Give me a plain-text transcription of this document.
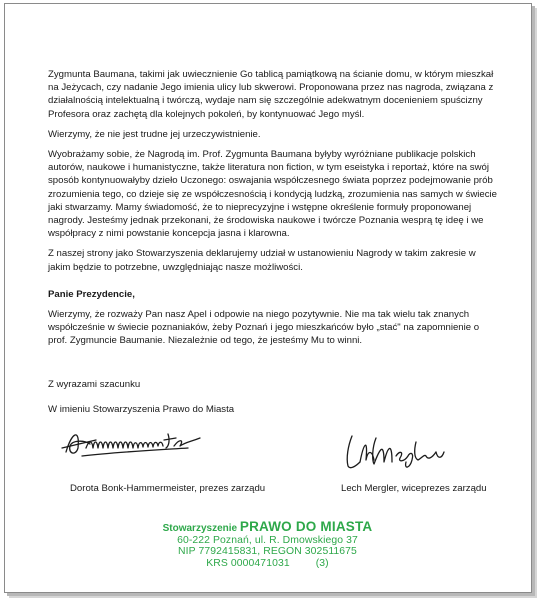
Zygmunta Baumana, takimi jak uwiecznienie Go tablicą pamiątkową na ścianie domu, w którym mieszkał na Jeżycach, czy nadanie Jego imienia ulicy lub skwerowi. Proponowana przez nas nagroda, związana z działalnością intelektualną i twórczą, wydaje nam się szczególnie adekwatnym docenieniem spuścizny Profesora oraz zachętą dla kolejnych pokoleń, by kontynuować Jego myśl.

Wierzymy, że nie jest trudne jej urzeczywistnienie.

Wyobrażamy sobie, że Nagrodą im. Prof. Zygmunta Baumana byłyby wyróżniane publikacje polskich autorów, naukowe i humanistyczne, także literatura non fiction, w tym eseistyka i reportaż, które na swój sposób kontynuowałyby dzieło Uczonego: oswajania współczesnego świata poprzez podejmowanie prób zrozumienia tego, co dzieje się ze współczesnością i kondycją ludzką, zrozumienia nas samych w świecie jaki stwarzamy. Mamy świadomość, że to nieprecyzyjne i wstępne określenie formuły proponowanej nagrody. Jesteśmy jednak przekonani, że środowiska naukowe i twórcze Poznania wesprą tę ideę i we współpracy z nimi powstanie koncepcja jasna i klarowna.

Z naszej strony jako Stowarzyszenia deklarujemy udział w ustanowieniu Nagrody w takim zakresie w jakim będzie to potrzebne, uwzględniając nasze możliwości.

Panie Prezydencie,

Wierzymy, że rozważy Pan nasz Apel i odpowie na niego pozytywnie. Nie ma tak wielu tak znanych współcześnie w świecie poznaniaków, żeby Poznań i jego mieszkańców było „stać" na zapomnienie o prof. Zygmuncie Baumanie. Niezależnie od tego, że jesteśmy Mu to winni.

Z wyrazami szacunku

W imieniu Stowarzyszenia Prawo do Miasta

Dorota Bonk-Hammermeister, prezes zarządu	Lech Mergler, wiceprezes zarządu
Stowarzyszenie PRAWO DO MIASTA
60-222 Poznań, ul. R. Dmowskiego 37
NIP 7792415831, REGON 302511675
KRS 0000471031	(3)
